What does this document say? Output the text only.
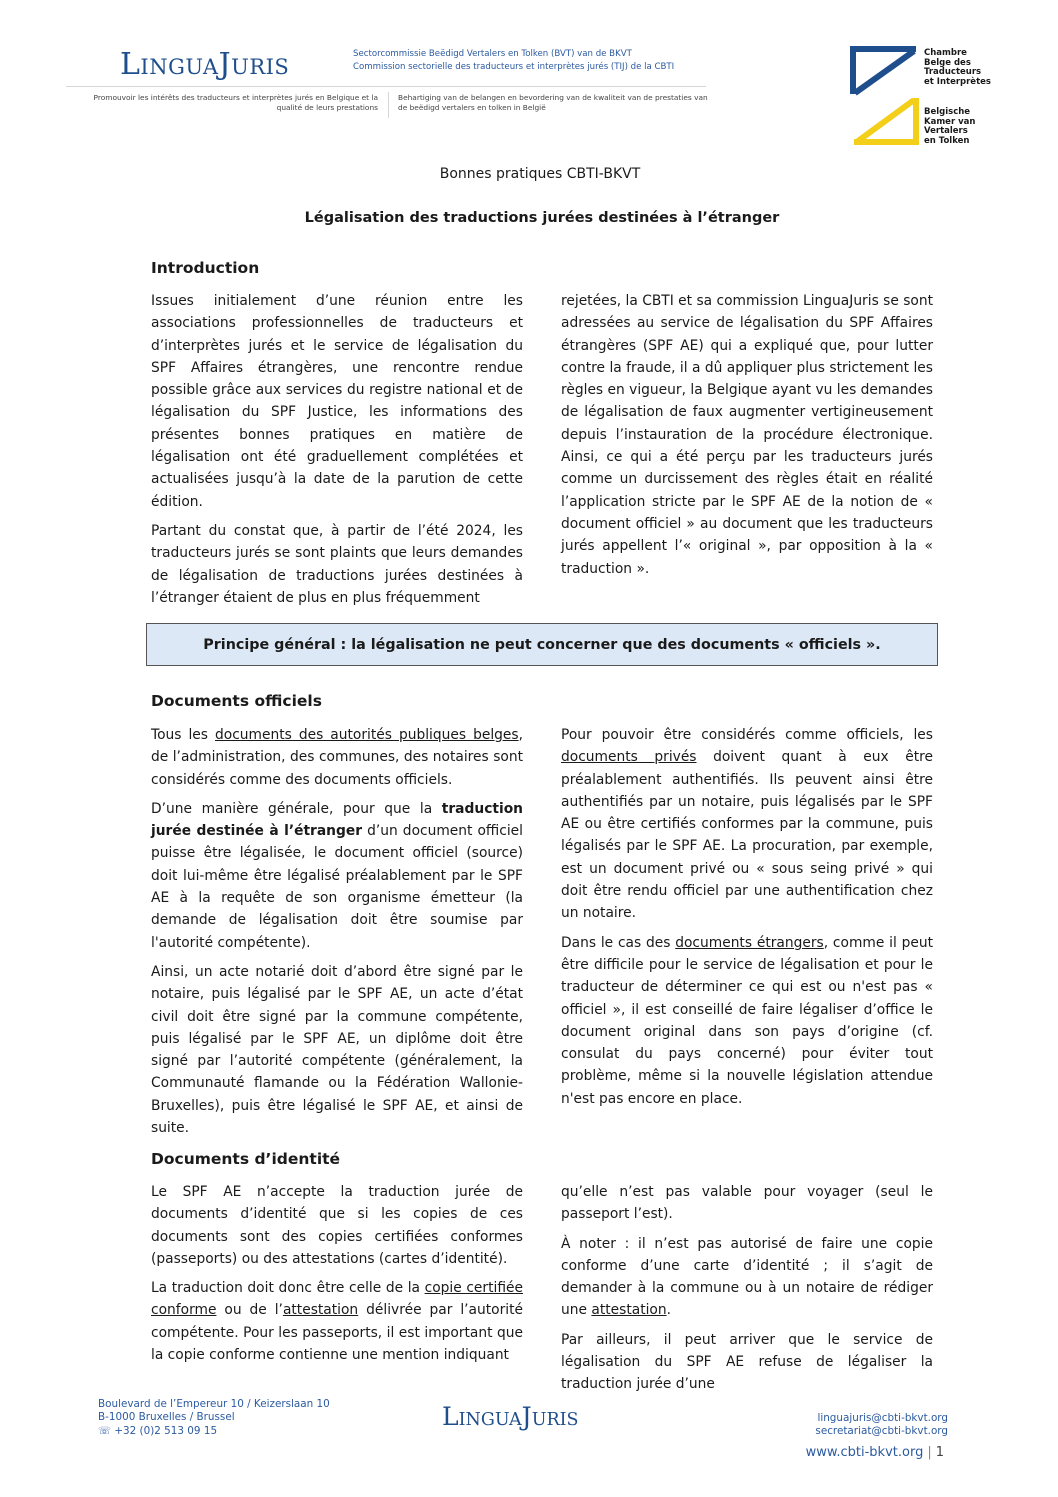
LINGUAJURIS
Sectorcommissie Beëdigd Vertalers en Tolken (BVT) van de BKVT
Commission sectorielle des traducteurs et interprètes jurés (TIJ) de la CBTI
Promouvoir les intérêts des traducteurs et interprètes jurés en Belgique et la qualité de leurs prestations
Behartiging van de belangen en bevordering van de kwaliteit van de prestaties van de beëdigd vertalers en tolken in België
Chambre
Belge des
Traducteurs
et Interprètes
Belgische
Kamer van
Vertalers
en Tolken
Bonnes pratiques CBTI-BKVT
Légalisation des traductions jurées destinées à l’étranger
Introduction

Issues initialement d’une réunion entre les associations professionnelles de traducteurs et d’interprètes jurés et le service de légalisation du SPF Affaires étrangères, une rencontre rendue possible grâce aux services du registre national et de légalisation du SPF Justice, les informations des présentes bonnes pratiques en matière de légalisation ont été graduellement complétées et actualisées jusqu’à la date de la parution de cette édition.

Partant du constat que, à partir de l’été 2024, les traducteurs jurés se sont plaints que leurs demandes de légalisation de traductions jurées destinées à l’étranger étaient de plus en plus fréquemment

rejetées, la CBTI et sa commission LinguaJuris se sont adressées au service de légalisation du SPF Affaires étrangères (SPF AE) qui a expliqué que, pour lutter contre la fraude, il a dû appliquer plus strictement les règles en vigueur, la Belgique ayant vu les demandes de légalisation de faux augmenter vertigineusement depuis l’instauration de la procédure électronique. Ainsi, ce qui a été perçu par les traducteurs jurés comme un durcissement des règles était en réalité l’application stricte par le SPF AE de la notion de « document officiel » au document que les traducteurs jurés appellent l’« original », par opposition à la « traduction ».

Principe général : la légalisation ne peut concerner que des documents « officiels ».
Documents officiels

Tous les documents des autorités publiques belges, de l’administration, des communes, des notaires sont considérés comme des documents officiels.

D’une manière générale, pour que la traduction jurée destinée à l’étranger d’un document officiel puisse être légalisée, le document officiel (source) doit lui-même être légalisé préalablement par le SPF AE à la requête de son organisme émetteur (la demande de légalisation doit être soumise par l'autorité compétente).

Ainsi, un acte notarié doit d’abord être signé par le notaire, puis légalisé par le SPF AE, un acte d’état civil doit être signé par la commune compétente, puis légalisé par le SPF AE, un diplôme doit être signé par l’autorité compétente (généralement, la Communauté flamande ou la Fédération Wallonie-Bruxelles), puis être légalisé le SPF AE, et ainsi de suite.

Pour pouvoir être considérés comme officiels, les documents privés doivent quant à eux être préalablement authentifiés. Ils peuvent ainsi être authentifiés par un notaire, puis légalisés par le SPF AE ou être certifiés conformes par la commune, puis légalisés par le SPF AE. La procuration, par exemple, est un document privé ou « sous seing privé » qui doit être rendu officiel par une authentification chez un notaire.

Dans le cas des documents étrangers, comme il peut être difficile pour le service de légalisation et pour le traducteur de déterminer ce qui est ou n'est pas « officiel », il est conseillé de faire légaliser d’office le document original dans son pays d’origine (cf. consulat du pays concerné) pour éviter tout problème, même si la nouvelle législation attendue n'est pas encore en place.

Documents d’identité

Le SPF AE n’accepte la traduction jurée de documents d’identité que si les copies de ces documents sont des copies certifiées conformes (passeports) ou des attestations (cartes d’identité).

La traduction doit donc être celle de la copie certifiée conforme ou de l’attestation délivrée par l’autorité compétente. Pour les passeports, il est important que la copie conforme contienne une mention indiquant

qu’elle n’est pas valable pour voyager (seul le passeport l’est).

À noter : il n’est pas autorisé de faire une copie conforme d’une carte d’identité ; il s’agit de demander à la commune ou à un notaire de rédiger une attestation.

Par ailleurs, il peut arriver que le service de légalisation du SPF AE refuse de légaliser la traduction jurée d’une

Boulevard de l’Empereur 10 / Keizerslaan 10
B-1000 Bruxelles / Brussel
☏ +32 (0)2 513 09 15	LINGUAJURIS	linguajuris@cbti-bkvt.org
secretariat@cbti-bkvt.org
www.cbti-bkvt.org | 1
